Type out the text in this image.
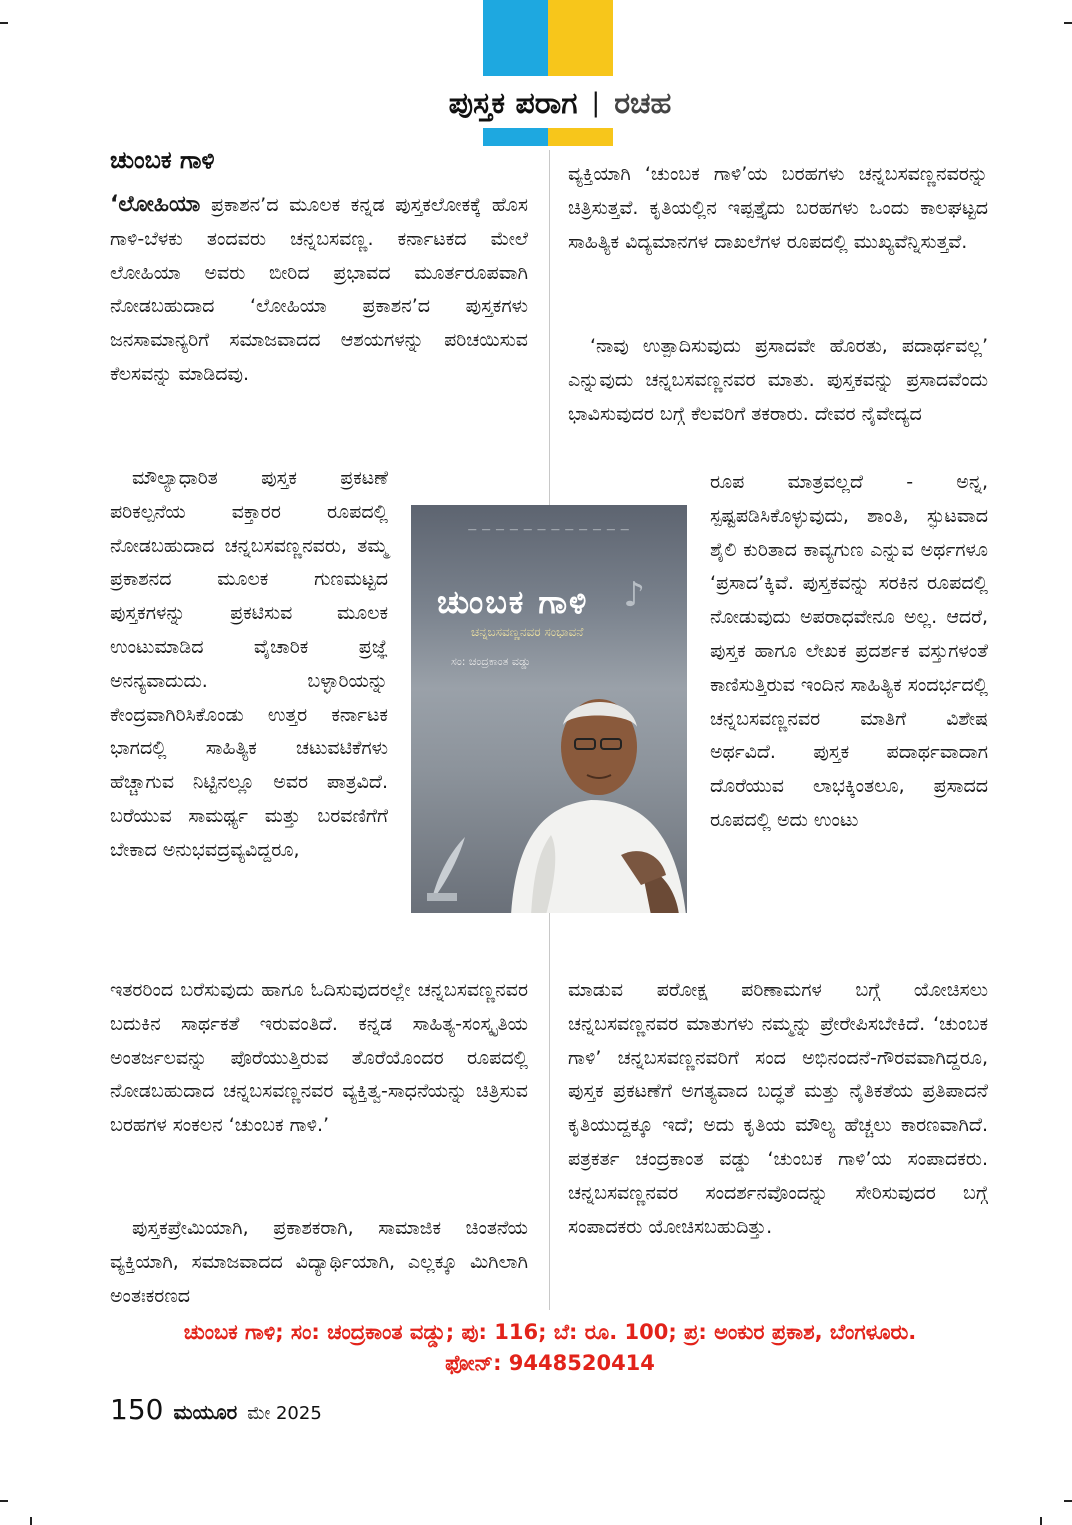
ಪುಸ್ತಕ ಪರಾಗ | ರಚಹ
ಚುಂಬಕ ಗಾಳಿ

‘ಲೋಹಿಯಾ ಪ್ರಕಾಶನ’ದ ಮೂಲಕ ಕನ್ನಡ ಪುಸ್ತಕಲೋಕಕ್ಕೆ ಹೊಸ ಗಾಳಿ-ಬೆಳಕು ತಂದವರು ಚನ್ನಬಸವಣ್ಣ. ಕರ್ನಾಟಕದ ಮೇಲೆ ಲೋಹಿಯಾ ಅವರು ಬೀರಿದ ಪ್ರಭಾವದ ಮೂರ್ತರೂಪವಾಗಿ ನೋಡಬಹುದಾದ ‘ಲೋಹಿಯಾ ಪ್ರಕಾಶನ’ದ ಪುಸ್ತಕಗಳು ಜನಸಾಮಾನ್ಯರಿಗೆ ಸಮಾಜವಾದದ ಆಶಯಗಳನ್ನು ಪರಿಚಯಿಸುವ ಕೆಲಸವನ್ನು ಮಾಡಿದವು.

ಮೌಲ್ಯಾಧಾರಿತ ಪುಸ್ತಕ ಪ್ರಕಟಣೆ ಪರಿಕಲ್ಪನೆಯ ವಕ್ತಾರರ ರೂಪದಲ್ಲಿ ನೋಡಬಹುದಾದ ಚನ್ನಬಸವಣ್ಣನವರು, ತಮ್ಮ ಪ್ರಕಾಶನದ ಮೂಲಕ ಗುಣಮಟ್ಟದ ಪುಸ್ತಕಗಳನ್ನು ಪ್ರಕಟಿಸುವ ಮೂಲಕ ಉಂಟುಮಾಡಿದ ವೈಚಾರಿಕ ಪ್ರಜ್ಞೆ ಅನನ್ಯವಾದುದು. ಬಳ್ಳಾರಿಯನ್ನು ಕೇಂದ್ರವಾಗಿರಿಸಿಕೊಂಡು ಉತ್ತರ ಕರ್ನಾಟಕ ಭಾಗದಲ್ಲಿ ಸಾಹಿತ್ಯಿಕ ಚಟುವಟಿಕೆಗಳು ಹೆಚ್ಚಾಗುವ ನಿಟ್ಟಿನಲ್ಲೂ ಅವರ ಪಾತ್ರವಿದೆ. ಬರೆಯುವ ಸಾಮರ್ಥ್ಯ ಮತ್ತು ಬರವಣಿಗೆಗೆ ಬೇಕಾದ ಅನುಭವದ್ರವ್ಯವಿದ್ದರೂ,

ಇತರರಿಂದ ಬರೆಸುವುದು ಹಾಗೂ ಓದಿಸುವುದರಲ್ಲೇ ಚನ್ನಬಸವಣ್ಣನವರ ಬದುಕಿನ ಸಾರ್ಥಕತೆ ಇರುವಂತಿದೆ. ಕನ್ನಡ ಸಾಹಿತ್ಯ-ಸಂಸ್ಕೃತಿಯ ಅಂತರ್ಜಲವನ್ನು ಪೊರೆಯುತ್ತಿರುವ ತೊರೆಯೊಂದರ ರೂಪದಲ್ಲಿ ನೋಡಬಹುದಾದ ಚನ್ನಬಸವಣ್ಣನವರ ವ್ಯಕ್ತಿತ್ವ-ಸಾಧನೆಯನ್ನು ಚಿತ್ರಿಸುವ ಬರಹಗಳ ಸಂಕಲನ ‘ಚುಂಬಕ ಗಾಳಿ.’

ಪುಸ್ತಕಪ್ರೇಮಿಯಾಗಿ, ಪ್ರಕಾಶಕರಾಗಿ, ಸಾಮಾಜಿಕ ಚಿಂತನೆಯ ವ್ಯಕ್ತಿಯಾಗಿ, ಸಮಾಜವಾದದ ವಿದ್ಯಾರ್ಥಿಯಾಗಿ, ಎಲ್ಲಕ್ಕೂ ಮಿಗಿಲಾಗಿ ಅಂತಃಕರಣದ

ವ್ಯಕ್ತಿಯಾಗಿ ‘ಚುಂಬಕ ಗಾಳಿ’ಯ ಬರಹಗಳು ಚನ್ನಬಸವಣ್ಣನವರನ್ನು ಚಿತ್ರಿಸುತ್ತವೆ. ಕೃತಿಯಲ್ಲಿನ ಇಪ್ಪತ್ತೈದು ಬರಹಗಳು ಒಂದು ಕಾಲಘಟ್ಟದ ಸಾಹಿತ್ಯಿಕ ವಿದ್ಯಮಾನಗಳ ದಾಖಲೆಗಳ ರೂಪದಲ್ಲಿ ಮುಖ್ಯವೆನ್ನಿಸುತ್ತವೆ.

‘ನಾವು ಉತ್ಪಾದಿಸುವುದು ಪ್ರಸಾದವೇ ಹೊರತು, ಪದಾರ್ಥವಲ್ಲ’ ಎನ್ನುವುದು ಚನ್ನಬಸವಣ್ಣನವರ ಮಾತು. ಪುಸ್ತಕವನ್ನು ಪ್ರಸಾದವೆಂದು ಭಾವಿಸುವುದರ ಬಗ್ಗೆ ಕೆಲವರಿಗೆ ತಕರಾರು. ದೇವರ ನೈವೇದ್ಯದ

ರೂಪ ಮಾತ್ರವಲ್ಲದೆ - ಅನ್ನ, ಸ್ಪಷ್ಟಪಡಿಸಿಕೊಳ್ಳುವುದು, ಶಾಂತಿ, ಸ್ಫುಟವಾದ ಶೈಲಿ ಕುರಿತಾದ ಕಾವ್ಯಗುಣ ಎನ್ನುವ ಅರ್ಥಗಳೂ ‘ಪ್ರಸಾದ’ಕ್ಕಿವೆ. ಪುಸ್ತಕವನ್ನು ಸರಕಿನ ರೂಪದಲ್ಲಿ ನೋಡುವುದು ಅಪರಾಧವೇನೂ ಅಲ್ಲ. ಆದರೆ, ಪುಸ್ತಕ ಹಾಗೂ ಲೇಖಕ ಪ್ರದರ್ಶಕ ವಸ್ತುಗಳಂತೆ ಕಾಣಿಸುತ್ತಿರುವ ಇಂದಿನ ಸಾಹಿತ್ಯಿಕ ಸಂದರ್ಭದಲ್ಲಿ ಚನ್ನಬಸವಣ್ಣನವರ ಮಾತಿಗೆ ವಿಶೇಷ ಅರ್ಥವಿದೆ. ಪುಸ್ತಕ ಪದಾರ್ಥವಾದಾಗ ದೊರೆಯುವ ಲಾಭಕ್ಕಿಂತಲೂ, ಪ್ರಸಾದದ ರೂಪದಲ್ಲಿ ಅದು ಉಂಟು

ಮಾಡುವ ಪರೋಕ್ಷ ಪರಿಣಾಮಗಳ ಬಗ್ಗೆ ಯೋಚಿಸಲು ಚನ್ನಬಸವಣ್ಣನವರ ಮಾತುಗಳು ನಮ್ಮನ್ನು ಪ್ರೇರೇಪಿಸಬೇಕಿದೆ. ‘ಚುಂಬಕ ಗಾಳಿ’ ಚನ್ನಬಸವಣ್ಣನವರಿಗೆ ಸಂದ ಅಭಿನಂದನೆ-ಗೌರವವಾಗಿದ್ದರೂ, ಪುಸ್ತಕ ಪ್ರಕಟಣೆಗೆ ಅಗತ್ಯವಾದ ಬದ್ಧತೆ ಮತ್ತು ನೈತಿಕತೆಯ ಪ್ರತಿಪಾದನೆ ಕೃತಿಯುದ್ದಕ್ಕೂ ಇದೆ; ಅದು ಕೃತಿಯ ಮೌಲ್ಯ ಹೆಚ್ಚಲು ಕಾರಣವಾಗಿದೆ. ಪತ್ರಕರ್ತ ಚಂದ್ರಕಾಂತ ವಡ್ಡು ‘ಚುಂಬಕ ಗಾಳಿ’ಯ ಸಂಪಾದಕರು. ಚನ್ನಬಸವಣ್ಣನವರ ಸಂದರ್ಶನವೊಂದನ್ನು ಸೇರಿಸುವುದರ ಬಗ್ಗೆ ಸಂಪಾದಕರು ಯೋಚಿಸಬಹುದಿತ್ತು.

— — — — — — — — — — — —
♪
ಚುಂಬಕ ಗಾಳಿ
ಚನ್ನಬಸವಣ್ಣನವರ ಸಂಭಾವನೆ
ಸಂ: ಚಂದ್ರಕಾಂತ ವಡ್ಡು

ಚುಂಬಕ ಗಾಳಿ; ಸಂ: ಚಂದ್ರಕಾಂತ ವಡ್ಡು; ಪು: 116; ಬೆ: ರೂ. 100; ಪ್ರ: ಅಂಕುರ ಪ್ರಕಾಶ, ಬೆಂಗಳೂರು.

ಫೋನ್: 9448520414

150 ಮಯೂರ ಮೇ 2025
